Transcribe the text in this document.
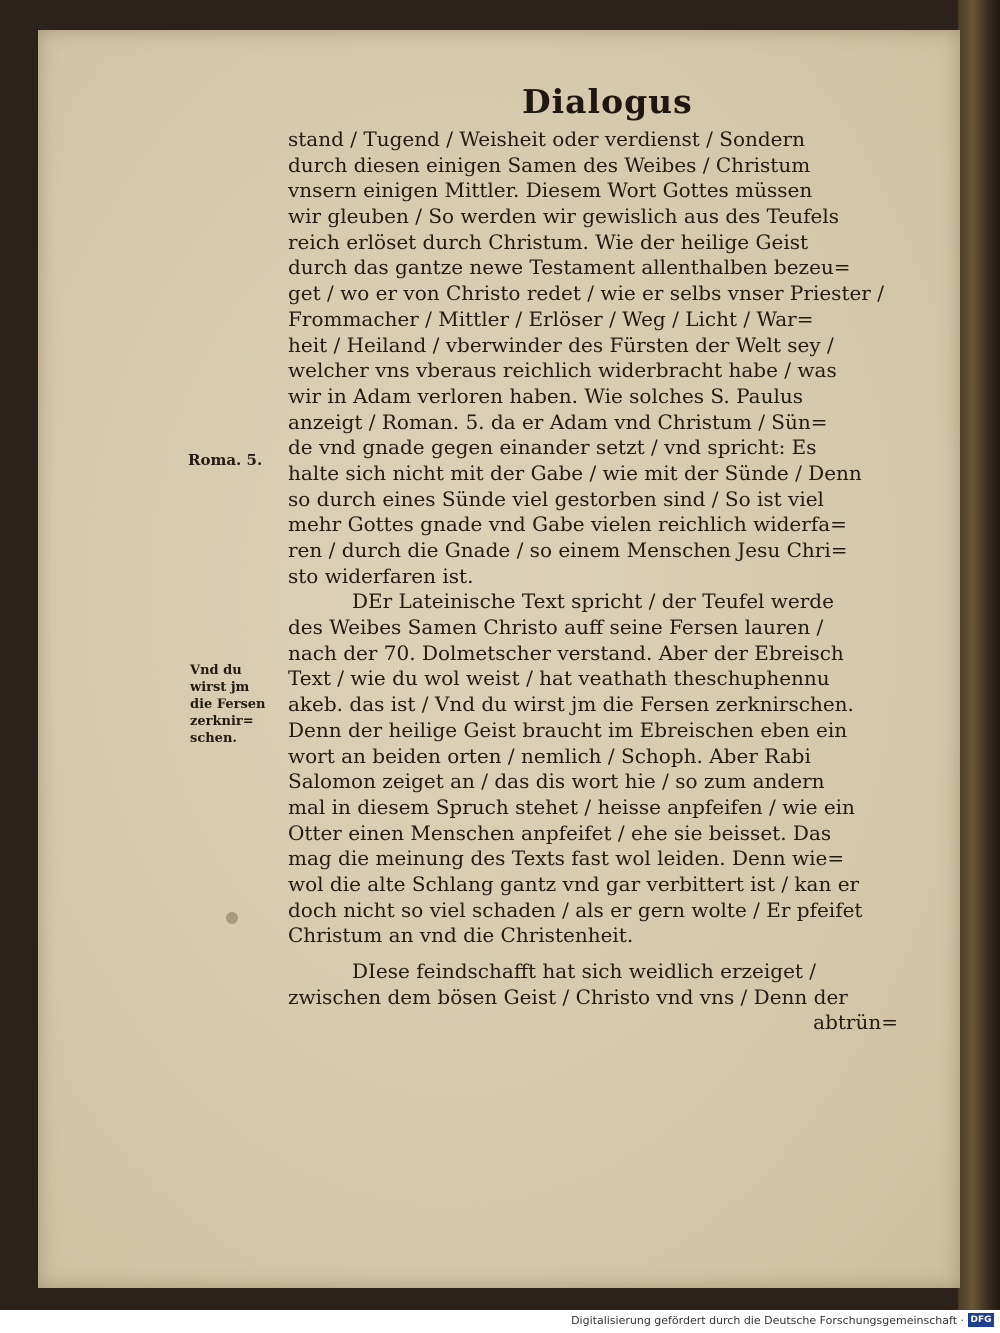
Dialogus
Roma. 5.
Vnd du
wirst jm
die Fersen
zerknir=
schen.
stand / Tugend / Weisheit oder verdienst / Sondern
durch diesen einigen Samen des Weibes / Christum
vnsern einigen Mittler. Diesem Wort Gottes müssen
wir gleuben / So werden wir gewislich aus des Teufels
reich erlöset durch Christum. Wie der heilige Geist
durch das gantze newe Testament allenthalben bezeu=
get / wo er von Christo redet / wie er selbs vnser Priester /
Frommacher / Mittler / Erlöser / Weg / Licht / War=
heit / Heiland / vberwinder des Fürsten der Welt sey /
welcher vns vberaus reichlich widerbracht habe / was
wir in Adam verloren haben. Wie solches S. Paulus
anzeigt / Roman. 5. da er Adam vnd Christum / Sün=
de vnd gnade gegen einander setzt / vnd spricht: Es
halte sich nicht mit der Gabe / wie mit der Sünde / Denn
so durch eines Sünde viel gestorben sind / So ist viel
mehr Gottes gnade vnd Gabe vielen reichlich widerfa=
ren / durch die Gnade / so einem Menschen Jesu Chri=
sto widerfaren ist.
DEr Lateinische Text spricht / der Teufel werde
des Weibes Samen Christo auff seine Fersen lauren /
nach der 70. Dolmetscher verstand. Aber der Ebreisch
Text / wie du wol weist / hat veathath theschuphennu
akeb. das ist / Vnd du wirst jm die Fersen zerknirschen.
Denn der heilige Geist braucht im Ebreischen eben ein
wort an beiden orten / nemlich / Schoph. Aber Rabi
Salomon zeiget an / das dis wort hie / so zum andern
mal in diesem Spruch stehet / heisse anpfeifen / wie ein
Otter einen Menschen anpfeifet / ehe sie beisset. Das
mag die meinung des Texts fast wol leiden. Denn wie=
wol die alte Schlang gantz vnd gar verbittert ist / kan er
doch nicht so viel schaden / als er gern wolte / Er pfeifet
Christum an vnd die Christenheit.
DIese feindschafft hat sich weidlich erzeiget /
zwischen dem bösen Geist / Christo vnd vns / Denn der
abtrün=
Digitalisierung gefördert durch die Deutsche Forschungsgemeinschaft · DFG
